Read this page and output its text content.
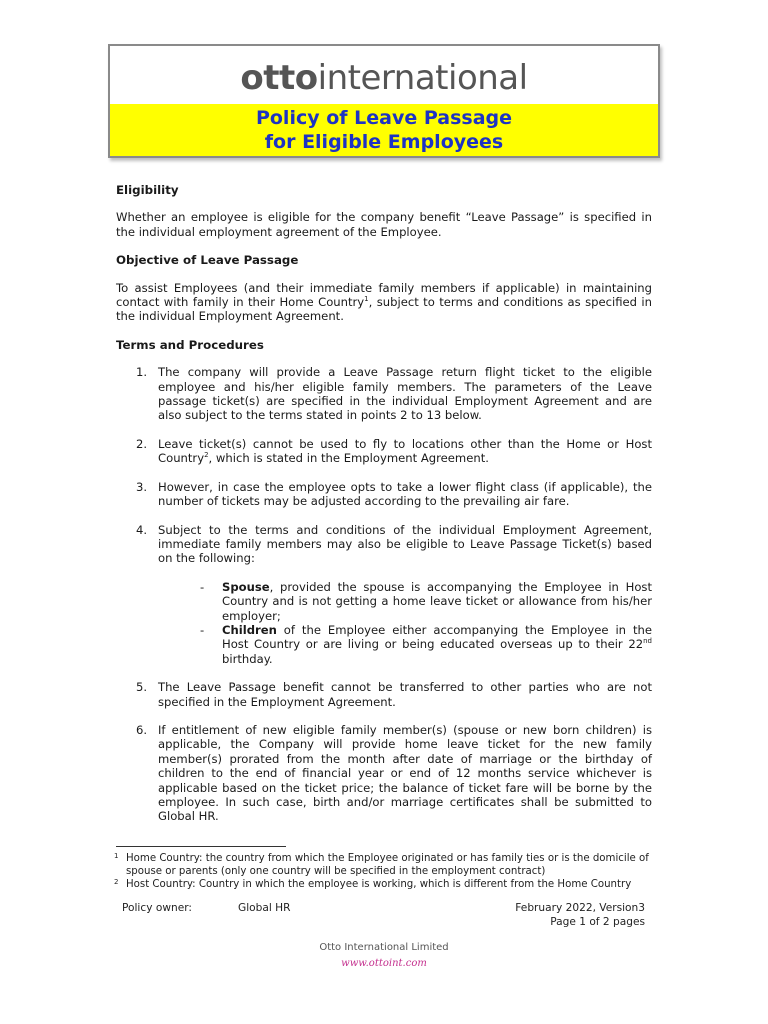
ottointernational
Policy of Leave Passage
for Eligible Employees
Eligibility

Whether an employee is eligible for the company benefit “Leave Passage” is specified in the individual employment agreement of the Employee.

Objective of Leave Passage

To assist Employees (and their immediate family members if applicable) in maintaining contact with family in their Home Country$^1$, subject to terms and conditions as specified in the individual Employment Agreement.

Terms and Procedures
1. The company will provide a Leave Passage return flight ticket to the eligible employee and his/her eligible family members. The parameters of the Leave passage ticket(s) are specified in the individual Employment Agreement and are also subject to the terms stated in points 2 to 13 below.
2. Leave ticket(s) cannot be used to fly to locations other than the Home or Host Country$^2$, which is stated in the Employment Agreement.
3. However, in case the employee opts to take a lower flight class (if applicable), the number of tickets may be adjusted according to the prevailing air fare.
4. Subject to the terms and conditions of the individual Employment Agreement, immediate family members may also be eligible to Leave Passage Ticket(s) based on the following:
- Spouse, provided the spouse is accompanying the Employee in Host Country and is not getting a home leave ticket or allowance from his/her employer;
- Children of the Employee either accompanying the Employee in the Host Country or are living or being educated overseas up to their 22nd birthday.
5. The Leave Passage benefit cannot be transferred to other parties who are not specified in the Employment Agreement.
6. If entitlement of new eligible family member(s) (spouse or new born children) is applicable, the Company will provide home leave ticket for the new family member(s) prorated from the month after date of marriage or the birthday of children to the end of financial year or end of 12 months service whichever is applicable based on the ticket price; the balance of ticket fare will be borne by the employee. In such case, birth and/or marriage certificates shall be submitted to Global HR.
1 Home Country: the country from which the Employee originated or has family ties or is the domicile of spouse or parents (only one country will be specified in the employment contract)
2 Host Country: Country in which the employee is working, which is different from the Home Country
Policy owner:	Global HR	February 2022, Version3
Page 1 of 2 pages
Otto International Limited
www.ottoint.com
